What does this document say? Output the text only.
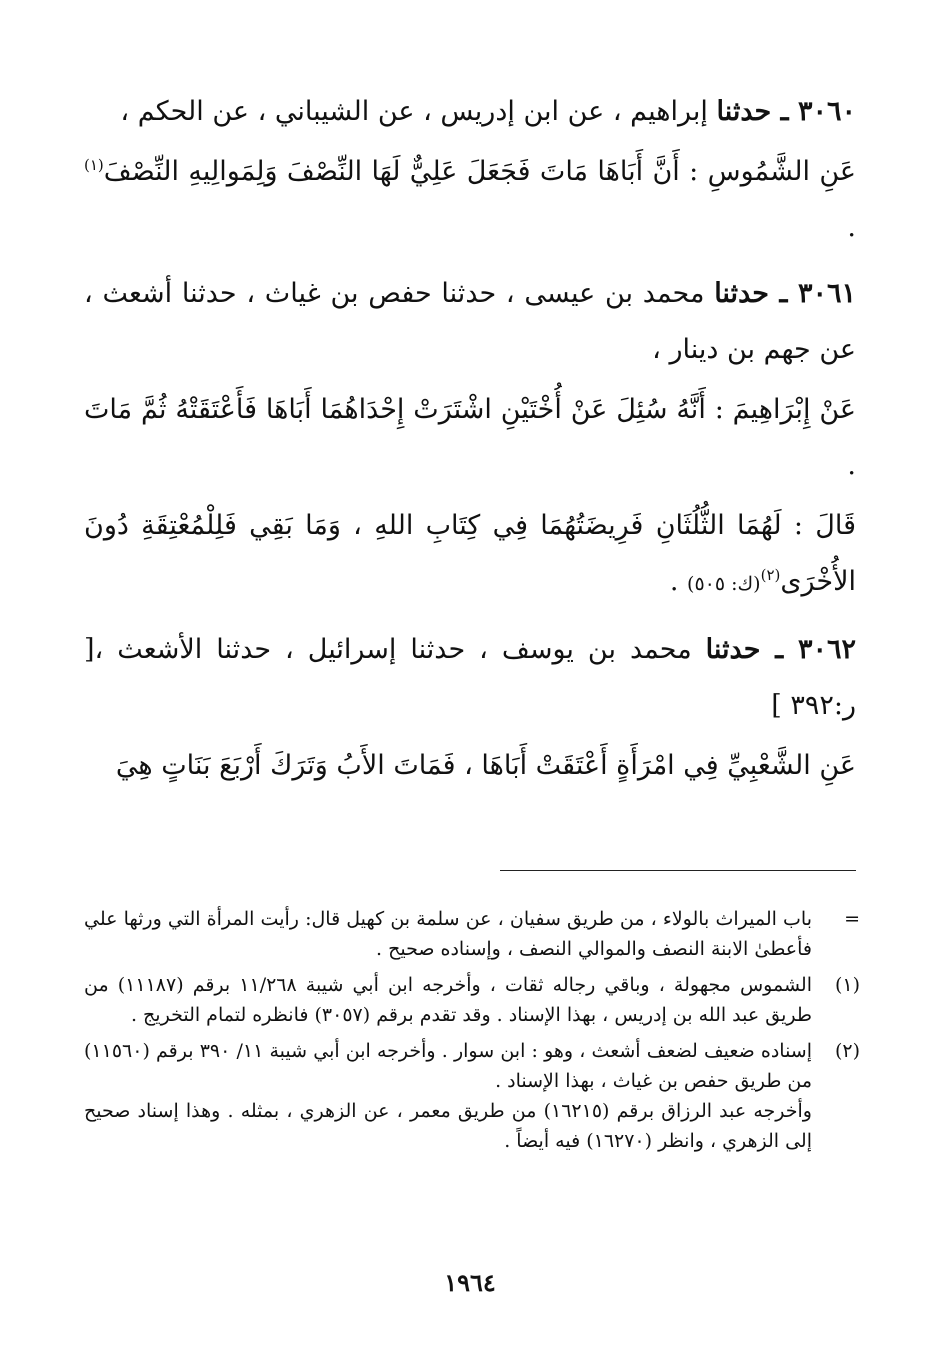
٣٠٦٠ ـ حدثنا إبراهيم ، عن ابن إدريس ، عن الشيباني ، عن الحكم ،

عَنِ الشَّمُوسِ : أَنَّ أَبَاهَا مَاتَ فَجَعَلَ عَلِيٌّ لَهَا النِّصْفَ وَلِمَوالِيهِ النِّصْفَ$^{(١)}$ .

٣٠٦١ ـ حدثنا محمد بن عيسى ، حدثنا حفص بن غياث ، حدثنا أشعث ، عن جهم بن دينار ،

عَنْ إِبْرَاهِيمَ : أَنَّهُ سُئِلَ عَنْ أُخْتَيْنِ اشْتَرَتْ إِحْدَاهُمَا أَبَاهَا فَأَعْتَقَتْهُ ثُمَّ مَاتَ .

قَالَ : لَهُمَا الثُّلُثَانِ فَرِيضَتُهُمَا فِي كِتَابِ اللهِ ، وَمَا بَقِي فَلِلْمُعْتِقَةِ دُونَ الأُخْرَى$^{(٢)}$(ك: ٥٠٥) .

٣٠٦٢ ـ حدثنا محمد بن يوسف ، حدثنا إسرائيل ، حدثنا الأشعث ،[ ر:٣٩٢ ]

عَنِ الشَّعْبِيِّ فِي امْرَأَةٍ أَعْتَقَتْ أَبَاهَا ، فَمَاتَ الأَبُ وَتَرَكَ أَرْبَعَ بَنَاتٍ هِيَ

=
باب الميراث بالولاء ، من طريق سفيان ، عن سلمة بن كهيل قال: رأيت المرأة التي ورثها علي فأعطىٰ الابنة النصف والموالي النصف ، وإسناده صحيح .
(١)
الشموس مجهولة ، وباقي رجاله ثقات ، وأخرجه ابن أبي شيبة ١١/٢٦٨ برقم (١١١٨٧) من طريق عبد الله بن إدريس ، بهذا الإسناد . وقد تقدم برقم (٣٠٥٧) فانظره لتمام التخريج .
(٢)
إسناده ضعيف لضعف أشعث ، وهو : ابن سوار . وأخرجه ابن أبي شيبة ١١/ ٣٩٠ برقم (١١٥٦٠) من طريق حفص بن غياث ، بهذا الإسناد .
وأخرجه عبد الرزاق برقم (١٦٢١٥) من طريق معمر ، عن الزهري ، بمثله . وهذا إسناد صحيح إلى الزهري ، وانظر (١٦٢٧٠) فيه أيضاً .
١٩٦٤
